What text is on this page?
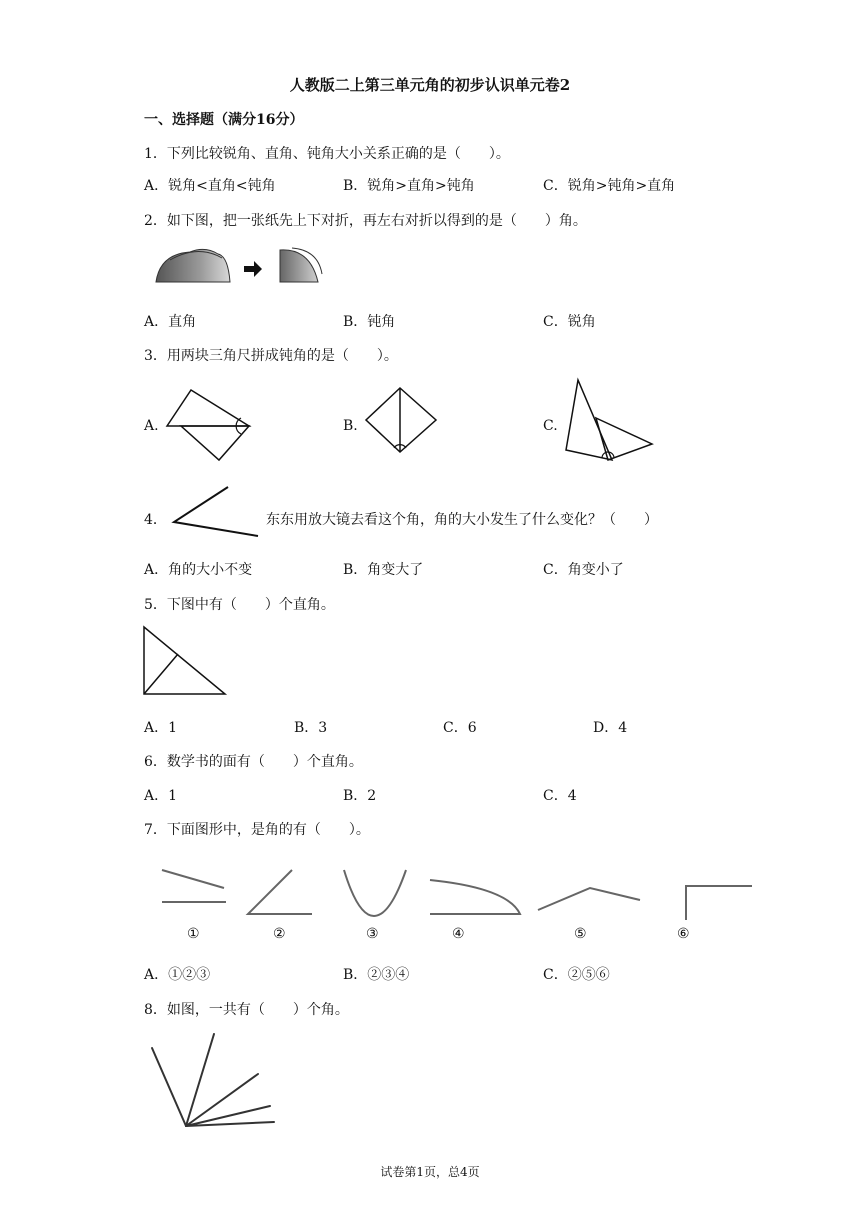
人教版二上第三单元角的初步认识单元卷2
一、选择题（满分16分）
1．下列比较锐角、直角、钝角大小关系正确的是（　　）。
A．锐角<直角<钝角	B．锐角>直角>钝角	C．锐角>钝角>直角
2．如下图，把一张纸先上下对折，再左右对折以得到的是（　　）角。
A．直角	B．钝角	C．锐角
3．用两块三角尺拼成钝角的是（　　）。
A.	B.	C.
4．	东东用放大镜去看这个角，角的大小发生了什么变化？（　　）
A．角的大小不变	B．角变大了	C．角变小了
5．下图中有（　　）个直角。
A．1	B．3	C．6	D．4
6．数学书的面有（　　）个直角。
A．1	B．2	C．4
7．下面图形中，是角的有（　　）。
①	②	③	④	⑤	⑥
A．①②③	B．②③④	C．②⑤⑥
8．如图，一共有（　　）个角。
试卷第1页，总4页
